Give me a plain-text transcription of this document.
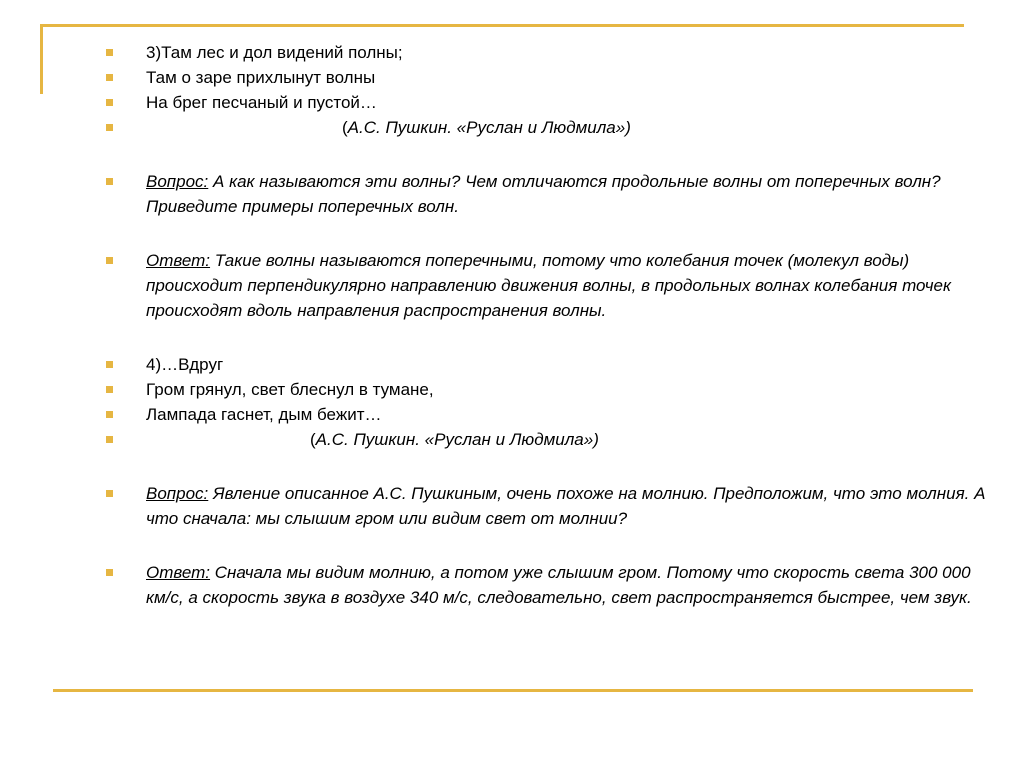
3)Там лес и дол видений полны;
Там о заре прихлынут волны
На брег песчаный и пустой…
(А.С. Пушкин. «Руслан и Людмила»)
Вопрос: А как называются эти волны? Чем отличаются продольные волны от поперечных волн? Приведите примеры поперечных волн.
Ответ: Такие волны называются поперечными, потому что колебания точек (молекул воды) происходит перпендикулярно направлению движения волны, в продольных волнах колебания точек происходят вдоль направления распространения волны.
4)…Вдруг
Гром грянул, свет блеснул в тумане,
Лампада гаснет, дым бежит…
(А.С. Пушкин. «Руслан и Людмила»)
Вопрос: Явление описанное А.С. Пушкиным, очень похоже на молнию. Предположим, что это молния. А что сначала: мы слышим гром или видим свет от молнии?
Ответ: Сначала мы видим молнию, а потом уже слышим гром. Потому что скорость света 300 000 км/с, а скорость звука в воздухе 340 м/с, следовательно, свет распространяется быстрее, чем звук.
